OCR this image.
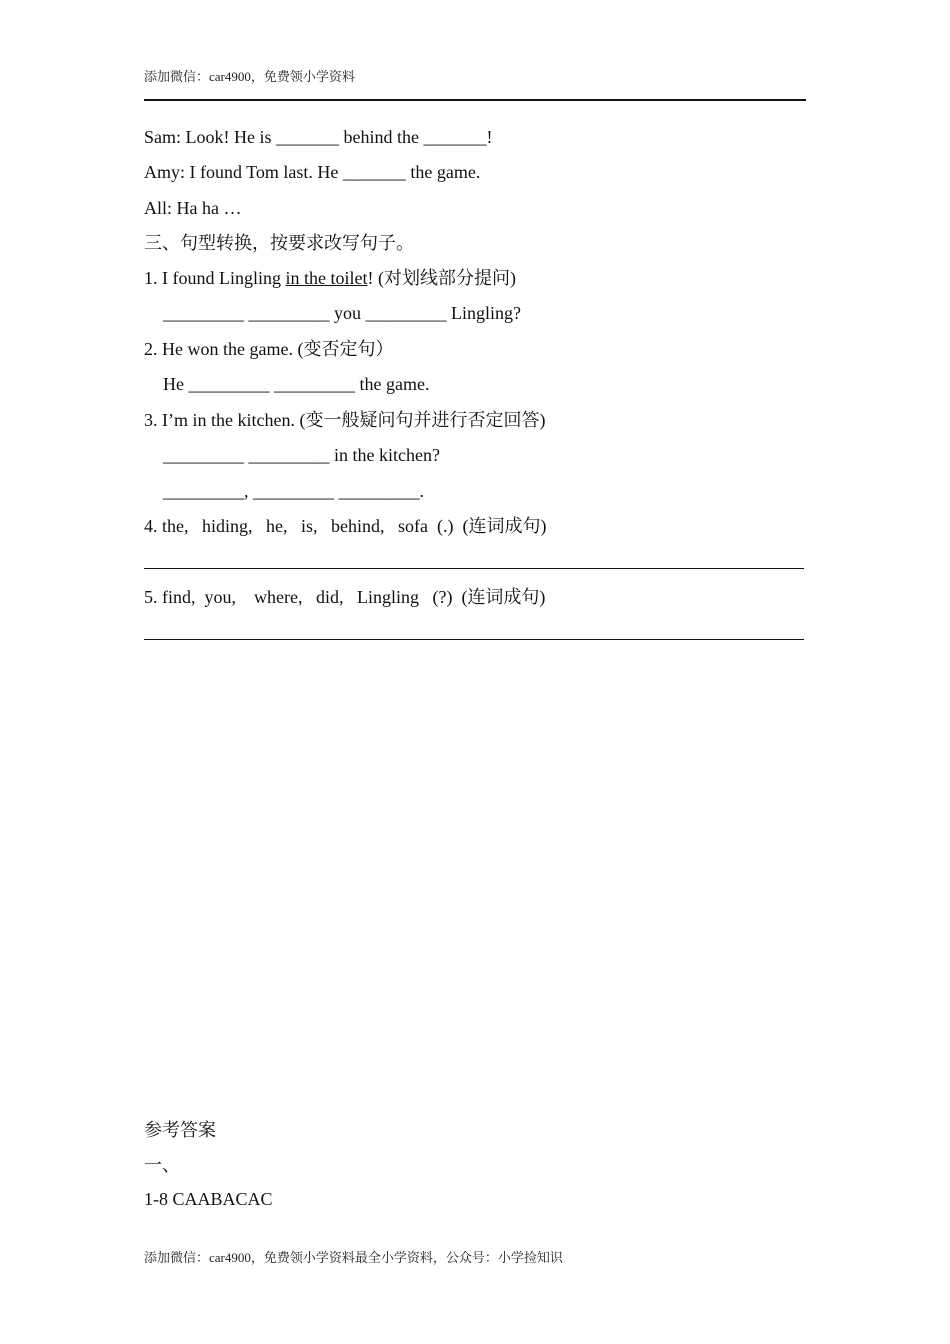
添加微信：car4900，免费领小学资料
Sam: Look! He is _______ behind the _______!
Amy: I found Tom last. He _______ the game.
All: Ha ha …
三、句型转换，按要求改写句子。
1. I found Lingling in the toilet! (对划线部分提问)
_________ _________ you _________ Lingling?
2. He won the game. (变否定句）
He _________ _________ the game.
3. I’m in the kitchen. (变一般疑问句并进行否定回答)
_________ _________ in the kitchen?
_________, _________ _________.
4. the,   hiding,   he,   is,   behind,   sofa  (.)  (连词成句)
5. find,  you,    where,   did,   Lingling   (?)  (连词成句)
参考答案
一、
1-8 CAABACAC
添加微信：car4900，免费领小学资料最全小学资料，公众号：小学捡知识
